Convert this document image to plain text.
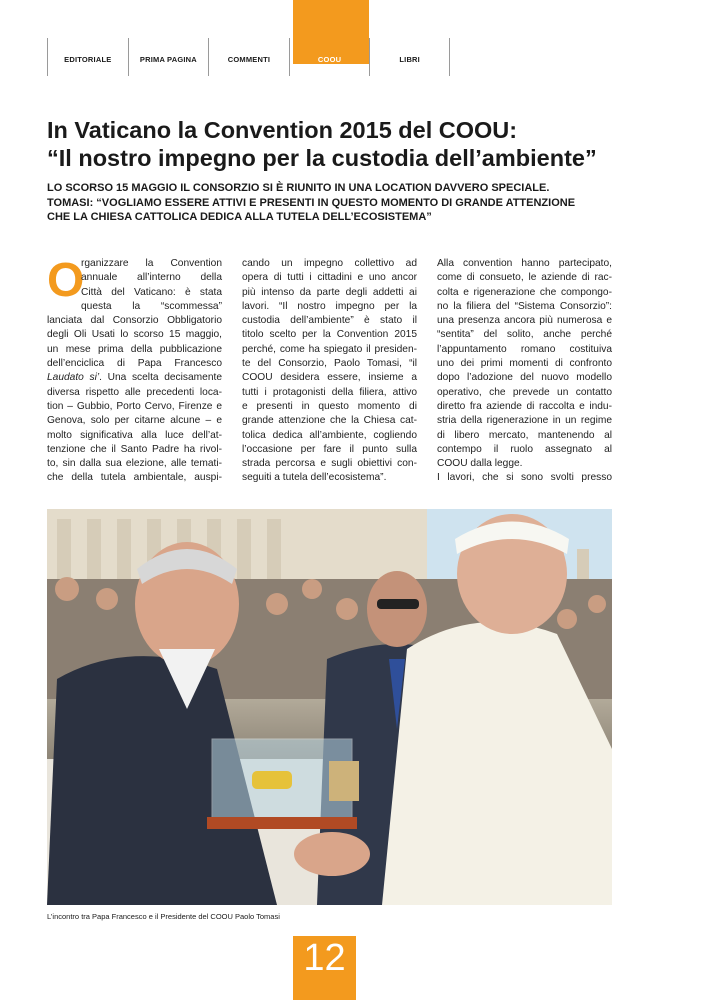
EDITORIALE	PRIMA PAGINA	COMMENTI	COOU	LIBRI
In Vaticano la Convention 2015 del COOU:
“Il nostro impegno per la custodia dell’ambiente”
LO SCORSO 15 MAGGIO IL CONSORZIO SI È RIUNITO IN UNA LOCATION DAVVERO SPECIALE.
TOMASI: “VOGLIAMO ESSERE ATTIVI E PRESENTI IN QUESTO MOMENTO DI GRANDE ATTENZIONE
CHE LA CHIESA CATTOLICA DEDICA ALLA TUTELA DELL’ECOSISTEMA”
O
rganizzare la Convention
annuale all’interno della
Città del Vaticano: è stata
questa la “scommessa”
lanciata dal Consorzio Obbligatorio
degli Oli Usati lo scorso 15 maggio,
un mese prima della pubblicazione
dell’enciclica di Papa Francesco
Laudato si’. Una scelta decisamente
diversa rispetto alle precedenti loca-
tion – Gubbio, Porto Cervo, Firenze e
Genova, solo per citarne alcune – e
molto significativa alla luce dell’at-
tenzione che il Santo Padre ha rivol-
to, sin dalla sua elezione, alle temati-
che della tutela ambientale, auspi-
cando un impegno collettivo ad
opera di tutti i cittadini e uno ancor
più intenso da parte degli addetti ai
lavori. “Il nostro impegno per la
custodia dell’ambiente” è stato il
titolo scelto per la Convention 2015
perché, come ha spiegato il presiden-
te del Consorzio, Paolo Tomasi, “il
COOU desidera essere, insieme a
tutti i protagonisti della filiera, attivo
e presenti in questo momento di
grande attenzione che la Chiesa cat-
tolica dedica all’ambiente, cogliendo
l’occasione per fare il punto sulla
strada percorsa e sugli obiettivi con-
seguiti a tutela dell’ecosistema”.
Alla convention hanno partecipato,
come di consueto, le aziende di rac-
colta e rigenerazione che compongo-
no la filiera del “Sistema Consorzio”:
una presenza ancora più numerosa e
“sentita” del solito, anche perché
l’appuntamento romano costituiva
uno dei primi momenti di confronto
dopo l’adozione del nuovo modello
operativo, che prevede un contatto
diretto fra aziende di raccolta e indu-
stria della rigenerazione in un regime
di libero mercato, mantenendo al
contempo il ruolo assegnato al
COOU dalla legge.
I lavori, che si sono svolti presso

L’incontro tra Papa Francesco e il Presidente del COOU Paolo Tomasi

12
